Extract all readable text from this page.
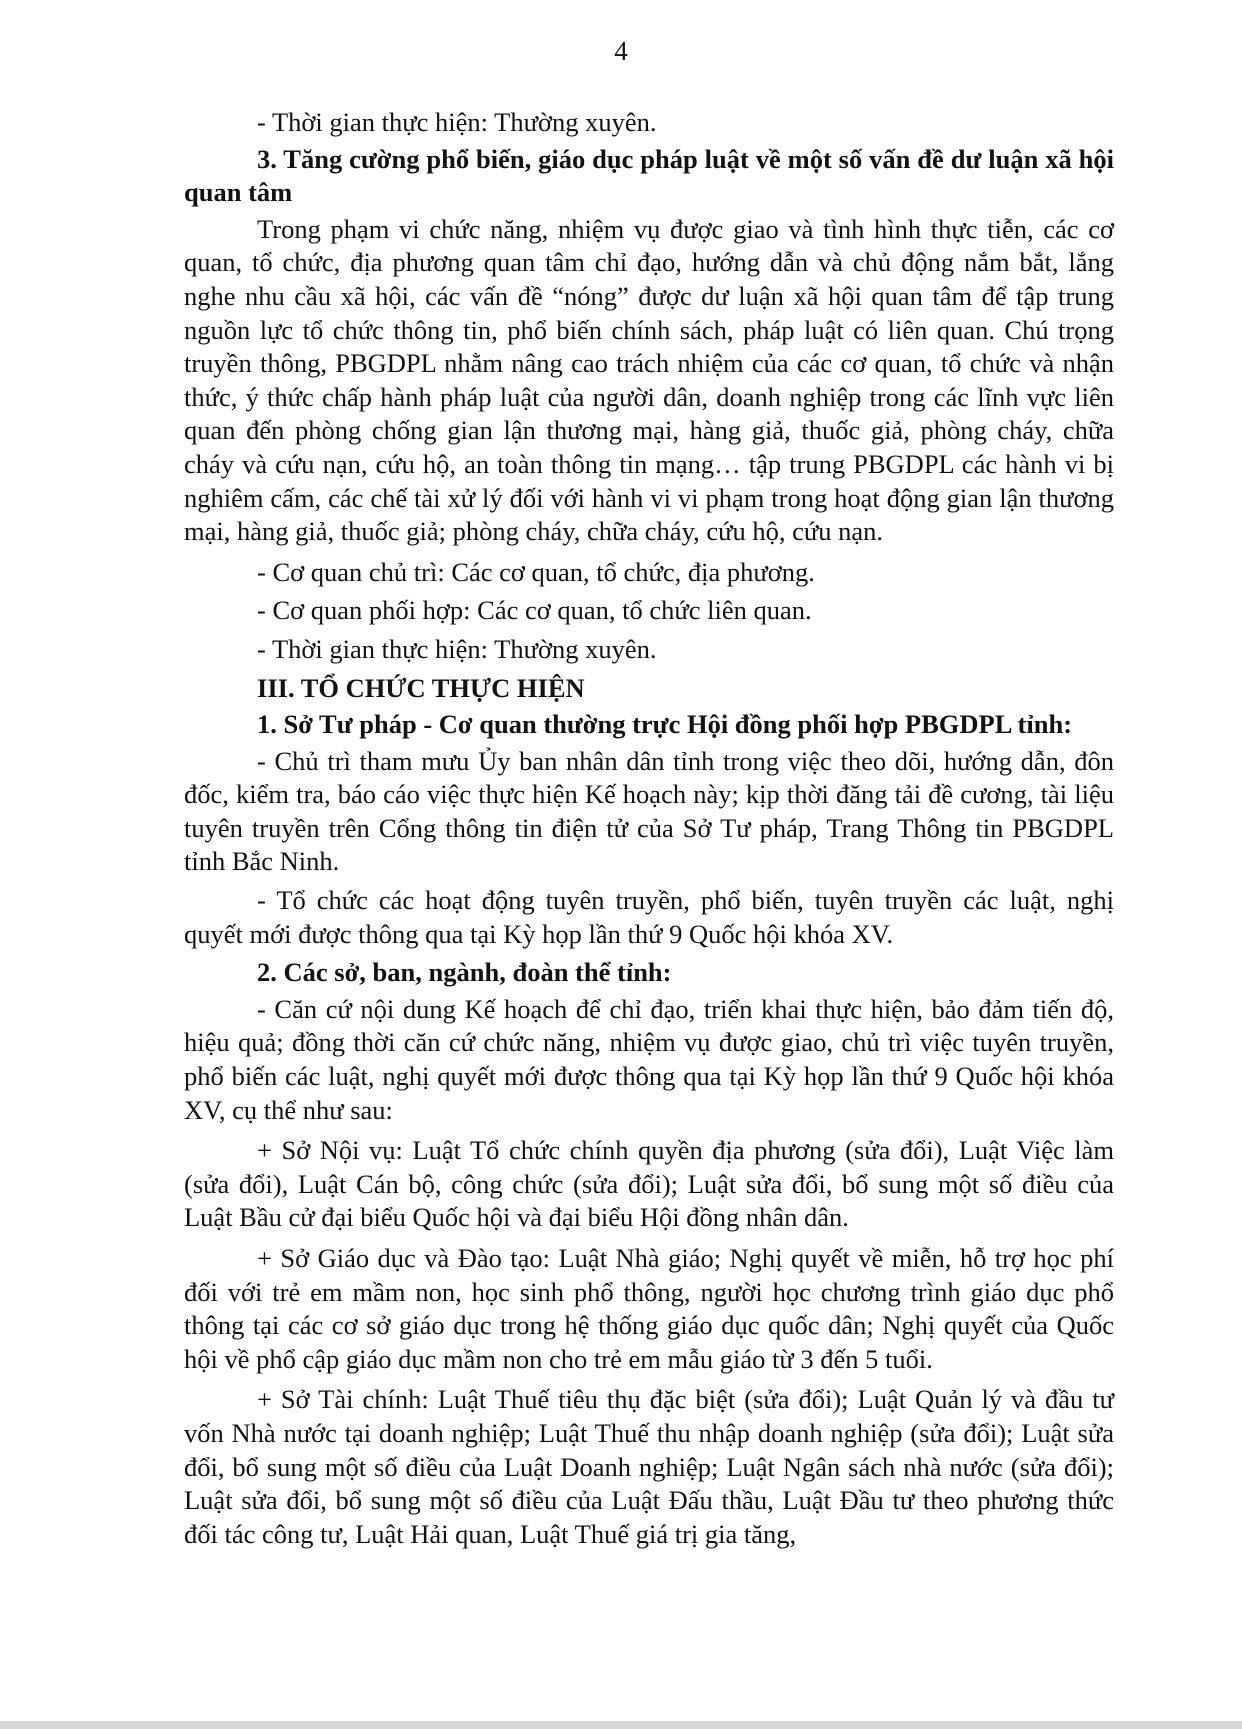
4

- Thời gian thực hiện: Thường xuyên.

3. Tăng cường phổ biến, giáo dục pháp luật về một số vấn đề dư luận xã hội quan tâm

Trong phạm vi chức năng, nhiệm vụ được giao và tình hình thực tiễn, các cơ quan, tổ chức, địa phương quan tâm chỉ đạo, hướng dẫn và chủ động nắm bắt, lắng nghe nhu cầu xã hội, các vấn đề “nóng” được dư luận xã hội quan tâm để tập trung nguồn lực tổ chức thông tin, phổ biến chính sách, pháp luật có liên quan. Chú trọng truyền thông, PBGDPL nhằm nâng cao trách nhiệm của các cơ quan, tổ chức và nhận thức, ý thức chấp hành pháp luật của người dân, doanh nghiệp trong các lĩnh vực liên quan đến phòng chống gian lận thương mại, hàng giả, thuốc giả, phòng cháy, chữa cháy và cứu nạn, cứu hộ, an toàn thông tin mạng… tập trung PBGDPL các hành vi bị nghiêm cấm, các chế tài xử lý đối với hành vi vi phạm trong hoạt động gian lận thương mại, hàng giả, thuốc giả; phòng cháy, chữa cháy, cứu hộ, cứu nạn.

- Cơ quan chủ trì: Các cơ quan, tổ chức, địa phương.

- Cơ quan phối hợp: Các cơ quan, tổ chức liên quan.

- Thời gian thực hiện: Thường xuyên.

III. TỔ CHỨC THỰC HIỆN

1. Sở Tư pháp - Cơ quan thường trực Hội đồng phối hợp PBGDPL tỉnh:

- Chủ trì tham mưu Ủy ban nhân dân tỉnh trong việc theo dõi, hướng dẫn, đôn đốc, kiểm tra, báo cáo việc thực hiện Kế hoạch này; kịp thời đăng tải đề cương, tài liệu tuyên truyền trên Cổng thông tin điện tử của Sở Tư pháp, Trang Thông tin PBGDPL tỉnh Bắc Ninh.

- Tổ chức các hoạt động tuyên truyền, phổ biến, tuyên truyền các luật, nghị quyết mới được thông qua tại Kỳ họp lần thứ 9 Quốc hội khóa XV.

2. Các sở, ban, ngành, đoàn thể tỉnh:

- Căn cứ nội dung Kế hoạch để chỉ đạo, triển khai thực hiện, bảo đảm tiến độ, hiệu quả; đồng thời căn cứ chức năng, nhiệm vụ được giao, chủ trì việc tuyên truyền, phổ biến các luật, nghị quyết mới được thông qua tại Kỳ họp lần thứ 9 Quốc hội khóa XV, cụ thể như sau:

+ Sở Nội vụ: Luật Tổ chức chính quyền địa phương (sửa đổi), Luật Việc làm (sửa đổi), Luật Cán bộ, công chức (sửa đổi); Luật sửa đổi, bổ sung một số điều của Luật Bầu cử đại biểu Quốc hội và đại biểu Hội đồng nhân dân.

+ Sở Giáo dục và Đào tạo: Luật Nhà giáo; Nghị quyết về miễn, hỗ trợ học phí đối với trẻ em mầm non, học sinh phổ thông, người học chương trình giáo dục phổ thông tại các cơ sở giáo dục trong hệ thống giáo dục quốc dân; Nghị quyết của Quốc hội về phổ cập giáo dục mầm non cho trẻ em mẫu giáo từ 3 đến 5 tuổi.

+ Sở Tài chính: Luật Thuế tiêu thụ đặc biệt (sửa đổi); Luật Quản lý và đầu tư vốn Nhà nước tại doanh nghiệp; Luật Thuế thu nhập doanh nghiệp (sửa đổi); Luật sửa đổi, bổ sung một số điều của Luật Doanh nghiệp; Luật Ngân sách nhà nước (sửa đổi); Luật sửa đổi, bổ sung một số điều của Luật Đấu thầu, Luật Đầu tư theo phương thức đối tác công tư, Luật Hải quan, Luật Thuế giá trị gia tăng,
